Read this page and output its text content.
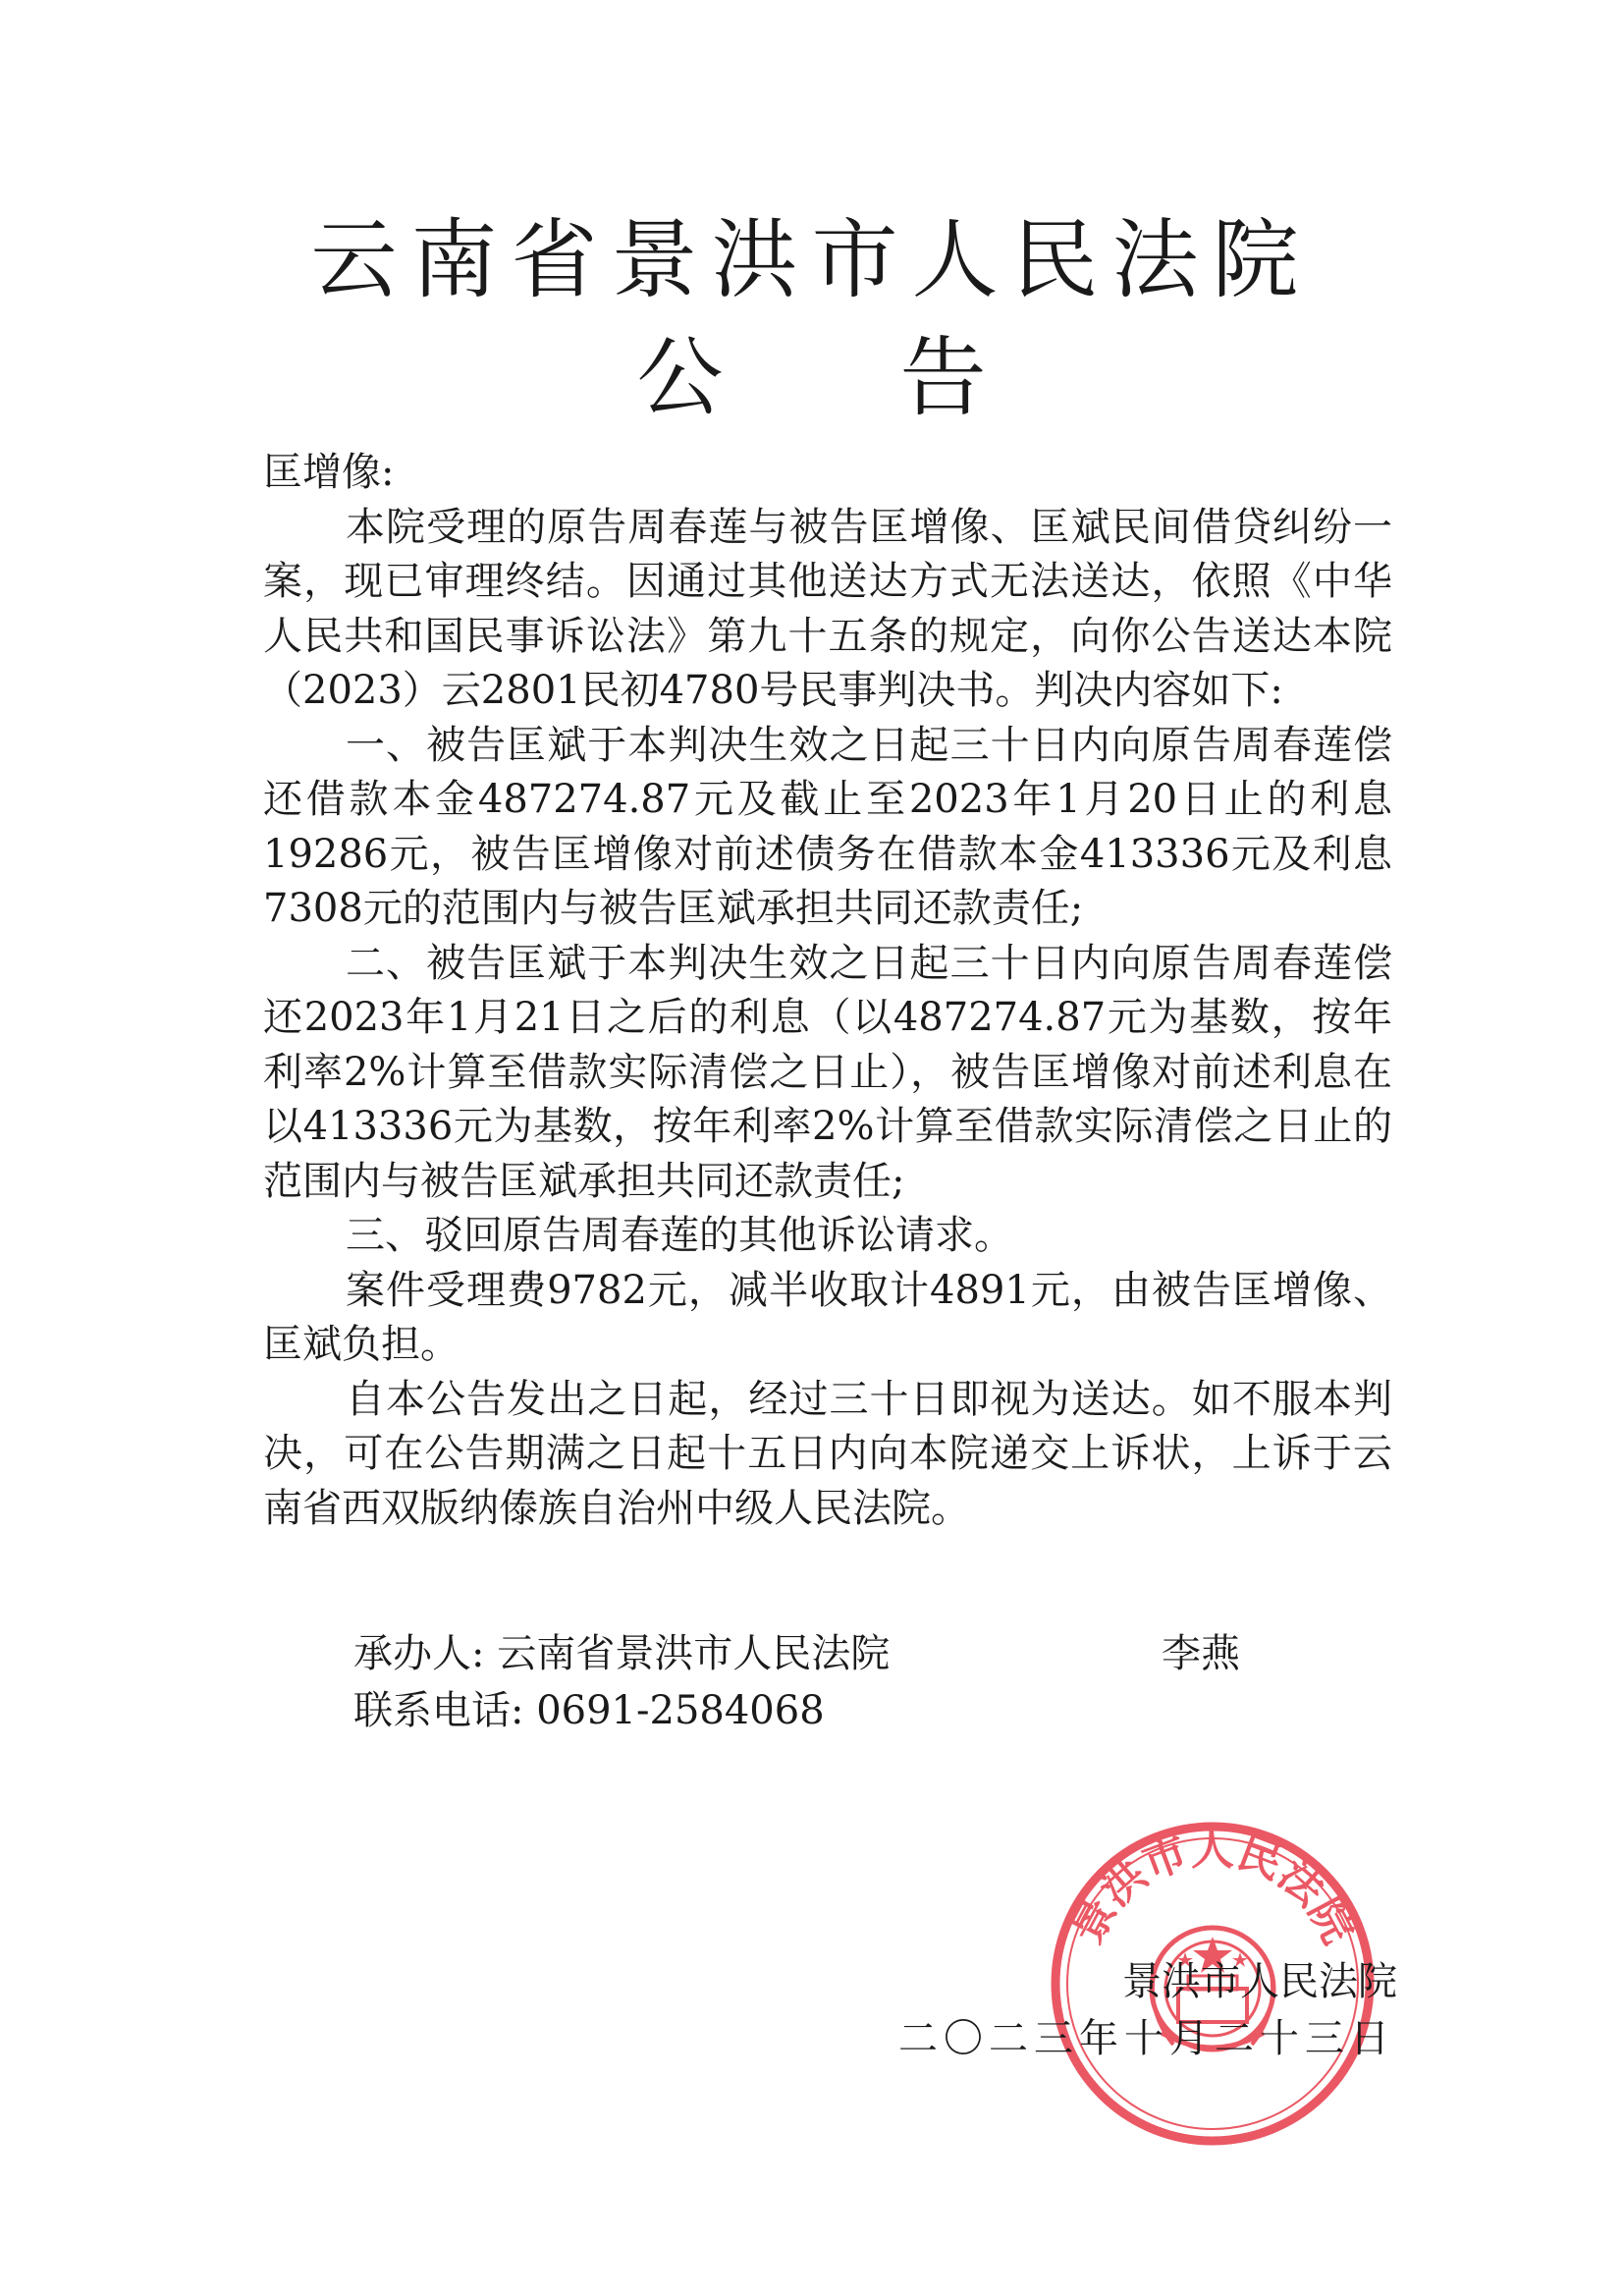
云南省景洪市人民法院
公 告

匡增像:

本院受理的原告周春莲与被告匡增像、匡斌民间借贷纠纷一案，现已审理终结。因通过其他送达方式无法送达，依照《中华人民共和国民事诉讼法》第九十五条的规定，向你公告送达本院（2023）云2801民初4780号民事判决书。判决内容如下:

一、被告匡斌于本判决生效之日起三十日内向原告周春莲偿还借款本金487274.87元及截止至2023年1月20日止的利息19286元，被告匡增像对前述债务在借款本金413336元及利息7308元的范围内与被告匡斌承担共同还款责任;

二、被告匡斌于本判决生效之日起三十日内向原告周春莲偿还2023年1月21日之后的利息（以487274.87元为基数，按年利率2%计算至借款实际清偿之日止），被告匡增像对前述利息在以413336元为基数，按年利率2%计算至借款实际清偿之日止的范围内与被告匡斌承担共同还款责任;

三、驳回原告周春莲的其他诉讼请求。

案件受理费9782元，减半收取计4891元，由被告匡增像、匡斌负担。

自本公告发出之日起，经过三十日即视为送达。如不服本判决，可在公告期满之日起十五日内向本院递交上诉状，上诉于云南省西双版纳傣族自治州中级人民法院。

承办人: 云南省景洪市人民法院
联系电话: 0691-2584068
李燕
景洪市人民法院
景洪市人民法院
二〇二三年十月二十三日
